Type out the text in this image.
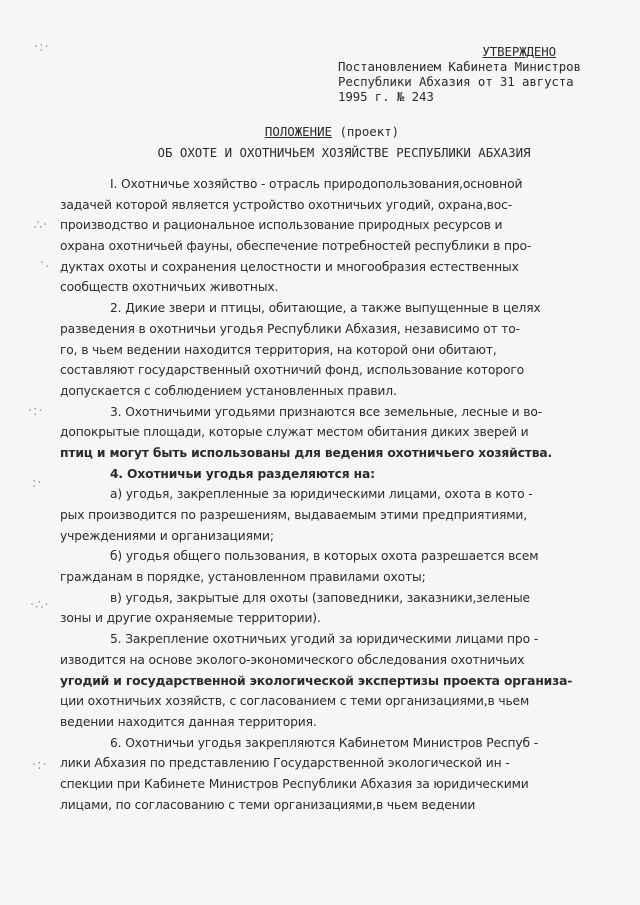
·:·
∴·
·.
·:·
:·
·∴·
·:·
УТВЕРЖДЕНО
Постановлением Кабинета Министров
Республики Абхазия от 31 августа
1995 г. № 243
ПОЛОЖЕНИЕ (проект)
ОБ ОХОТЕ И ОХОТНИЧЬЕМ ХОЗЯЙСТВЕ РЕСПУБЛИКИ АБХАЗИЯ
I. Охотничье хозяйство - отрасль природопользования,основной
задачей которой является устройство охотничьих угодий, охрана,вос-
производство и рациональное использование природных ресурсов и
охрана охотничьей фауны, обеспечение потребностей республики в про-
дуктах охоты и сохранения целостности и многообразия естественных
сообществ охотничьих животных.
2. Дикие звери и птицы, обитающие, а также выпущенные в целях
разведения в охотничьи угодья Республики Абхазия, независимо от то-
го, в чьем ведении находится территория, на которой они обитают,
составляют государственный охотничий фонд, использование которого
допускается с соблюдением установленных правил.
3. Охотничьими угодьями признаются все земельные, лесные и во-
допокрытые площади, которые служат местом обитания диких зверей и
птиц и могут быть использованы для ведения охотничьего хозяйства.
4. Охотничьи угодья разделяются на:
а) угодья, закрепленные за юридическими лицами, охота в кото -
рых производится по разрешениям, выдаваемым этими предприятиями,
учреждениями и организациями;
б) угодья общего пользования, в которых охота разрешается всем
гражданам в порядке, установленном правилами охоты;
в) угодья, закрытые для охоты (заповедники, заказники,зеленые
зоны и другие охраняемые территории).
5. Закрепление охотничьих угодий за юридическими лицами про -
изводится на основе эколого-экономического обследования охотничьих
угодий и государственной экологической экспертизы проекта организа-
ции охотничьих хозяйств, с согласованием с теми организациями,в чьем
ведении находится данная территория.
6. Охотничьи угодья закрепляются Кабинетом Министров Респуб -
лики Абхазия по представлению Государственной экологической ин -
спекции при Кабинете Министров Республики Абхазия за юридическими
лицами, по согласованию с теми организациями,в чьем ведении
